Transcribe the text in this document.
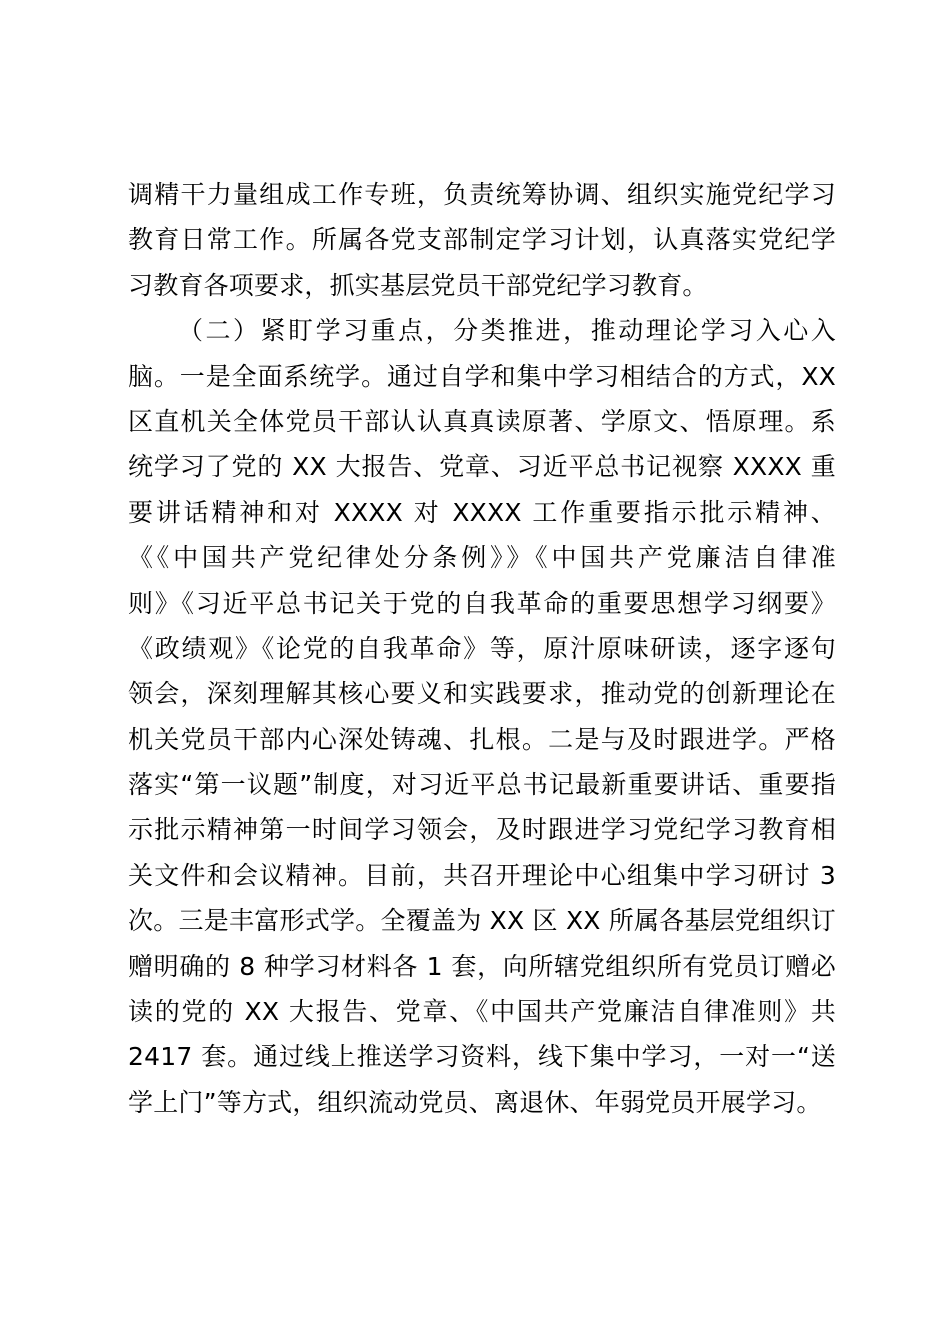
调精干力量组成工作专班，负责统筹协调、组织实施党纪学习
教育日常工作。所属各党支部制定学习计划，认真落实党纪学
习教育各项要求，抓实基层党员干部党纪学习教育。
（二）紧盯学习重点，分类推进，推动理论学习入心入
脑。一是全面系统学。通过自学和集中学习相结合的方式，XX
区直机关全体党员干部认认真真读原著、学原文、悟原理。系
统学习了党的 XX 大报告、党章、习近平总书记视察 XXXX 重
要讲话精神和对 XXXX 对 XXXX 工作重要指示批示精神、
《《中国共产党纪律处分条例》》《中国共产党廉洁自律准
则》《习近平总书记关于党的自我革命的重要思想学习纲要》
《政绩观》《论党的自我革命》等，原汁原味研读，逐字逐句
领会，深刻理解其核心要义和实践要求，推动党的创新理论在
机关党员干部内心深处铸魂、扎根。二是与及时跟进学。严格
落实“第一议题”制度，对习近平总书记最新重要讲话、重要指
示批示精神第一时间学习领会，及时跟进学习党纪学习教育相
关文件和会议精神。目前，共召开理论中心组集中学习研讨 3
次。三是丰富形式学。全覆盖为 XX 区 XX 所属各基层党组织订
赠明确的 8 种学习材料各 1 套，向所辖党组织所有党员订赠必
读的党的 XX 大报告、党章、《中国共产党廉洁自律准则》共
2417 套。通过线上推送学习资料，线下集中学习，一对一“送
学上门”等方式，组织流动党员、离退休、年弱党员开展学习。
